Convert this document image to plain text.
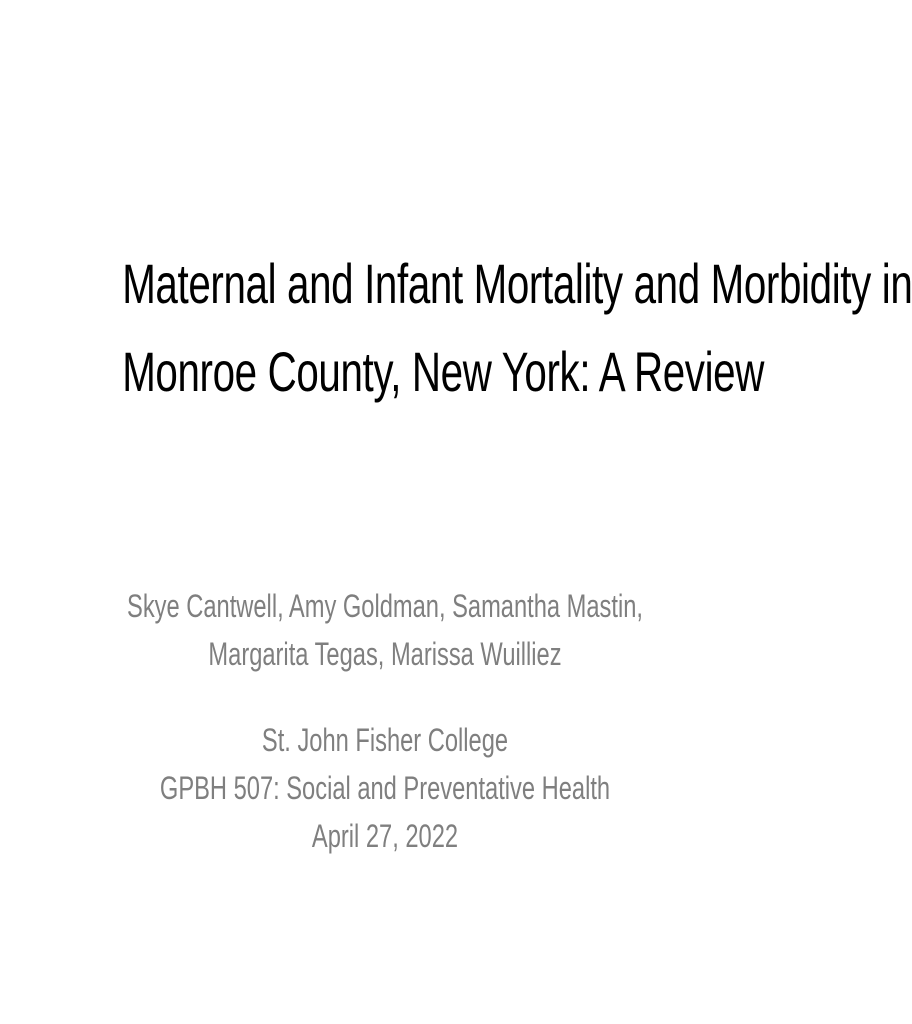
Maternal and Infant Mortality and Morbidity in
Monroe County, New York: A Review
Skye Cantwell, Amy Goldman, Samantha Mastin,
Margarita Tegas, Marissa Wuilliez
St. John Fisher College
GPBH 507: Social and Preventative Health
April 27, 2022
